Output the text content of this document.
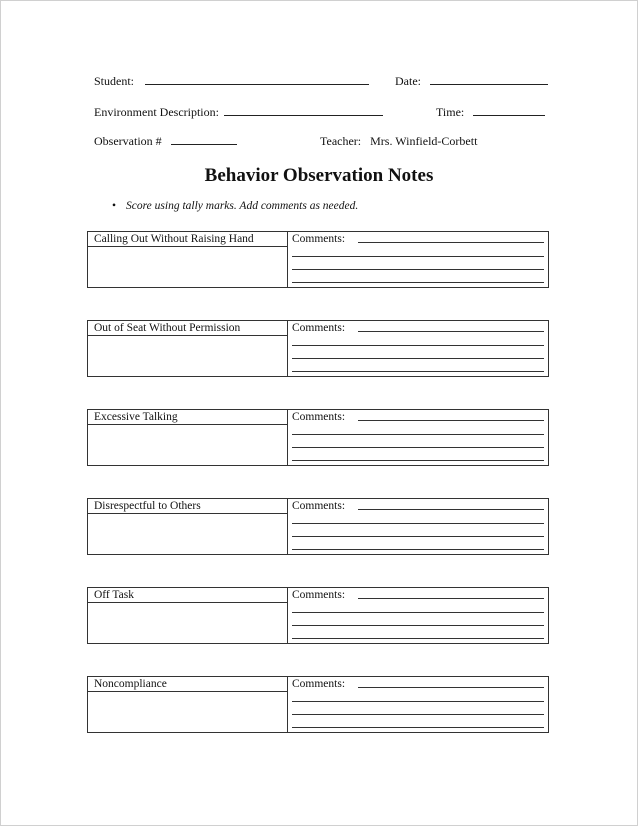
Student:	Date:
Environment Description:	Time:
Observation #	Teacher: Mrs. Winfield-Corbett
Behavior Observation Notes
• Score using tally marks. Add comments as needed.
Calling Out Without Raising Hand	Comments:
Out of Seat Without Permission	Comments:
Excessive Talking	Comments:
Disrespectful to Others	Comments:
Off Task	Comments:
Noncompliance	Comments:
